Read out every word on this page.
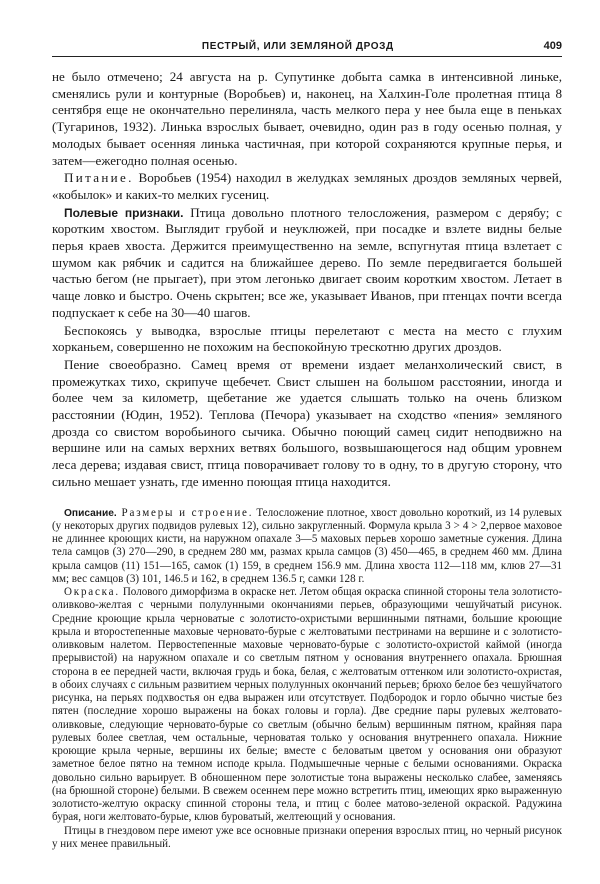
ПЕСТРЫЙ, ИЛИ ЗЕМЛЯНОЙ ДРОЗД	409

не было отмечено; 24 августа на р. Супутинке добыта самка в интенсивной линьке, сменялись рули и контурные (Воробьев) и, наконец, на Халхин-Голе пролетная птица 8 сентября еще не окончательно перелиняла, часть мелкого пера у нее была еще в пеньках (Тугаринов, 1932). Линька взрослых бывает, очевидно, один раз в году осенью полная, у молодых бывает осенняя линька частичная, при которой сохраняются крупные перья, и затем—ежегодно полная осенью.

Питание. Воробьев (1954) находил в желудках земляных дроздов земляных червей, «кобылок» и каких-то мелких гусениц.

Полевые признаки. Птица довольно плотного телосложения, размером с дерябу; с коротким хвостом. Выглядит грубой и неуклюжей, при посадке и взлете видны белые перья краев хвоста. Держится преимущественно на земле, вспугнутая птица взлетает с шумом как рябчик и садится на ближайшее дерево. По земле передвигается большей частью бегом (не прыгает), при этом легонько двигает своим коротким хвостом. Летает в чаще ловко и быстро. Очень скрытен; все же, указывает Иванов, при птенцах почти всегда подпускает к себе на 30—40 шагов.

Беспокоясь у выводка, взрослые птицы перелетают с места на место с глухим хорканьем, совершенно не похожим на беспокойную трескотню других дроздов.

Пение своеобразно. Самец время от времени издает меланхолический свист, в промежутках тихо, скрипуче щебечет. Свист слышен на большом расстоянии, иногда и более чем за километр, щебетание же удается слышать только на очень близком расстоянии (Юдин, 1952). Теплова (Печора) указывает на сходство «пения» земляного дрозда со свистом воробьиного сычика. Обычно поющий самец сидит неподвижно на вершине или на самых верхних ветвях большого, возвышающегося над общим уровнем леса дерева; издавая свист, птица поворачивает голову то в одну, то в другую сторону, что сильно мешает узнать, где именно поющая птица находится.

Описание. Размеры и строение. Телосложение плотное, хвост довольно короткий, из 14 рулевых (у некоторых других подвидов рулевых 12), сильно закругленный. Формула крыла 3 > 4 > 2,первое маховое не длиннее кроющих кисти, на наружном опахале 3—5 маховых перьев хорошо заметные сужения. Длина тела самцов (3) 270—290, в среднем 280 мм, размах крыла самцов (3) 450—465, в среднем 460 мм. Длина крыла самцов (11) 151—165, самок (1) 159, в среднем 156.9 мм. Длина хвоста 112—118 мм, клюв 27—31 мм; вес самцов (3) 101, 146.5 и 162, в среднем 136.5 г, самки 128 г.

Окраска. Полового диморфизма в окраске нет. Летом общая окраска спинной стороны тела золотисто-оливково-желтая с черными полулунными окончаниями перьев, образующими чешуйчатый рисунок. Средние кроющие крыла черноватые с золотисто-охристыми вершинными пятнами, большие кроющие крыла и второстепенные маховые черновато-бурые с желтоватыми пестринами на вершине и с золотисто-оливковым налетом. Первостепенные маховые черновато-бурые с золотисто-охристой каймой (иногда прерывистой) на наружном опахале и со светлым пятном у основания внутреннего опахала. Брюшная сторона в ее передней части, включая грудь и бока, белая, с желтоватым оттенком или золотисто-охристая, в обоих случаях с сильным развитием черных полулунных окончаний перьев; брюхо белое без чешуйчатого рисунка, на перьях подхвостья он едва выражен или отсутствует. Подбородок и горло обычно чистые без пятен (последние хорошо выражены на боках головы и горла). Две средние пары рулевых желтовато-оливковые, следующие черновато-бурые со светлым (обычно белым) вершинным пятном, крайняя пара рулевых более светлая, чем остальные, черноватая только у основания внутреннего опахала. Нижние кроющие крыла черные, вершины их белые; вместе с беловатым цветом у основания они образуют заметное белое пятно на темном исподе крыла. Подмышечные черные с белыми основаниями. Окраска довольно сильно варьирует. В обношенном пере золотистые тона выражены несколько слабее, заменяясь (на брюшной стороне) белыми. В свежем осеннем пере можно встретить птиц, имеющих ярко выраженную золотисто-желтую окраску спинной стороны тела, и птиц с более матово-зеленой окраской. Радужина бурая, ноги желтовато-бурые, клюв буроватый, желтеющий у основания.

Птицы в гнездовом пере имеют уже все основные признаки оперения взрослых птиц, но черный рисунок у них менее правильный.
